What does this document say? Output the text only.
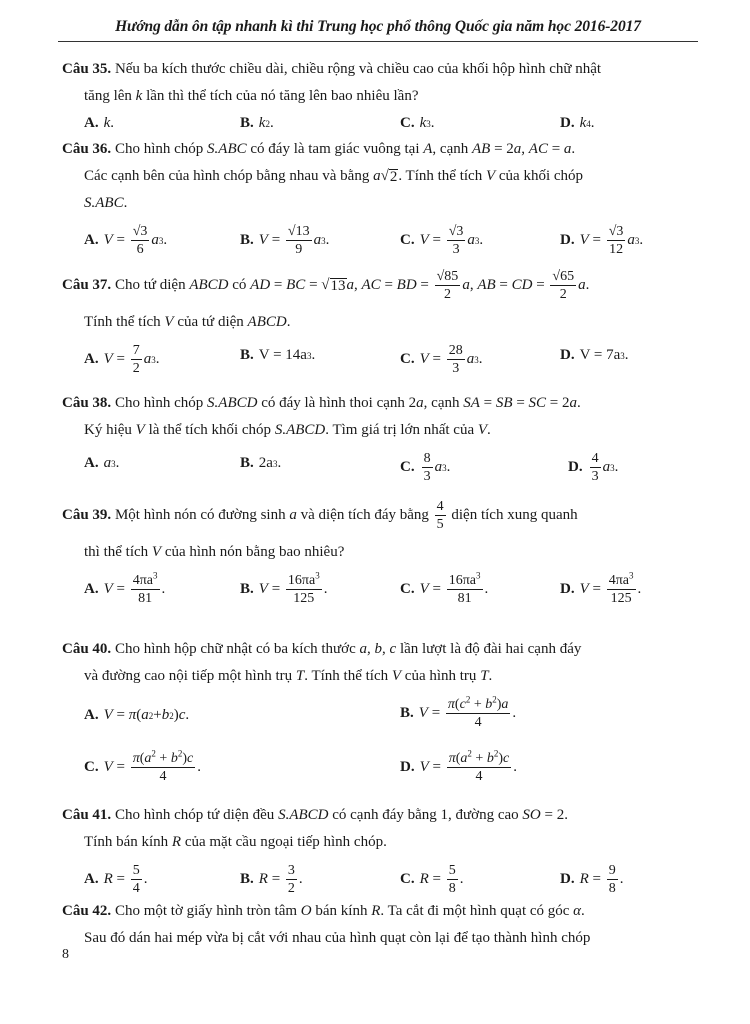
Hướng dẫn ôn tập nhanh kì thi Trung học phổ thông Quốc gia năm học 2016-2017
Câu 35. Nếu ba kích thước chiều dài, chiều rộng và chiều cao của khối hộp hình chữ nhật
tăng lên k lần thì thể tích của nó tăng lên bao nhiêu lần?
A. k .	B. k 2 .	C. k 3 .	D. k 4 .
Câu 36. Cho hình chóp S.ABC có đáy là tam giác vuông tại A, cạnh AB = 2a, AC = a.
Các cạnh bên của hình chóp bằng nhau và bằng a √ 2 . Tính thể tích V của khối chóp
S.ABC.
A. $V = \frac{√3}{6}$ a 3 .	B. $V = \frac{√13}{9}$ a 3 .	C. $V = \frac{√3}{3}$ a 3 .	D. $V = \frac{√3}{12}$ a 3 .
Câu 37. Cho tứ diện ABCD có AD = BC = √ 13 a, AC = BD = $\frac{√85}{2} a$, AB = CD = $\frac{√65}{2} a$.
Tính thể tích V của tứ diện ABCD.
A. $V = \frac{7}{2}$ a 3 .	B. V = 14a 3 .	C. $V = \frac{28}{3}$ a 3 .	D. V = 7a 3 .
Câu 38. Cho hình chóp S.ABCD có đáy là hình thoi cạnh 2a, cạnh SA = SB = SC = 2a.
Ký hiệu V là thể tích khối chóp S.ABCD. Tìm giá trị lớn nhất của V.
A. a 3 .	B. 2a 3 .	C. $\frac{8}{3}$ a 3 .	D. $\frac{4}{3}$ a 3 .
Câu 39. Một hình nón có đường sinh a và diện tích đáy bằng $\frac{4}{5}$ diện tích xung quanh
thì thể tích V của hình nón bằng bao nhiêu?
A. $V = \frac{4\pi a^3}{81}$ .	B. $V = \frac{16\pi a^3}{125}$ .	C. $V = \frac{16\pi a^3}{81}$ .	D. $V = \frac{4\pi a^3}{125}$ .
Câu 40. Cho hình hộp chữ nhật có ba kích thước a, b, c lần lượt là độ đài hai cạnh đáy
và đường cao nội tiếp một hình trụ T. Tính thể tích V của hình trụ T.
A. V = π ( a 2 + b 2 ) c .	B. $V = \frac{\pi(c^2 + b^2)a}{4}$ .
C. $V = \frac{\pi(a^2 + b^2)c}{4}$ .	D. $V = \frac{\pi(a^2 + b^2)c}{4}$ .
Câu 41. Cho hình chóp tứ diện đều S.ABCD có cạnh đáy bằng 1, đường cao SO = 2.
Tính bán kính R của mặt cầu ngoại tiếp hình chóp.
A. $R = \frac{5}{4}$ .	B. $R = \frac{3}{2}$ .	C. $R = \frac{5}{8}$ .	D. $R = \frac{9}{8}$ .
Câu 42. Cho một tờ giấy hình tròn tâm O bán kính R. Ta cắt đi một hình quạt có góc α.
Sau đó dán hai mép vừa bị cắt với nhau của hình quạt còn lại để tạo thành hình chóp
8
